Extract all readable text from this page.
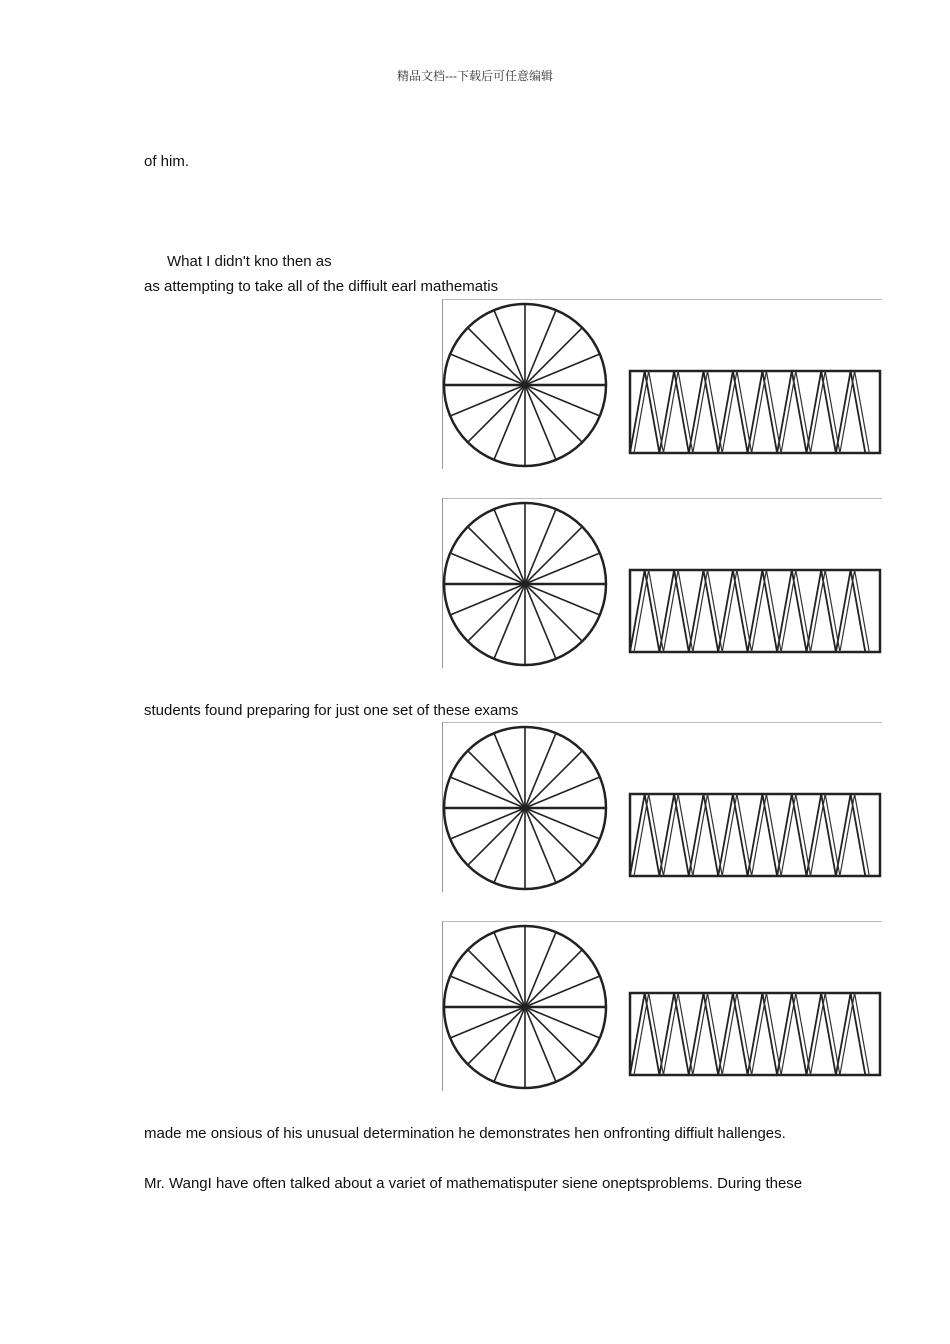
精品文档---下载后可任意编辑
of him.
What I didn't kno then as
as attempting to take all of the diffiult earl mathematis
students found preparing for just one set of these exams
made me onsious of his unusual determination he demonstrates hen onfronting diffiult hallenges.
Mr. WangI have often talked about a variet of mathematisputer siene oneptsproblems. During these
